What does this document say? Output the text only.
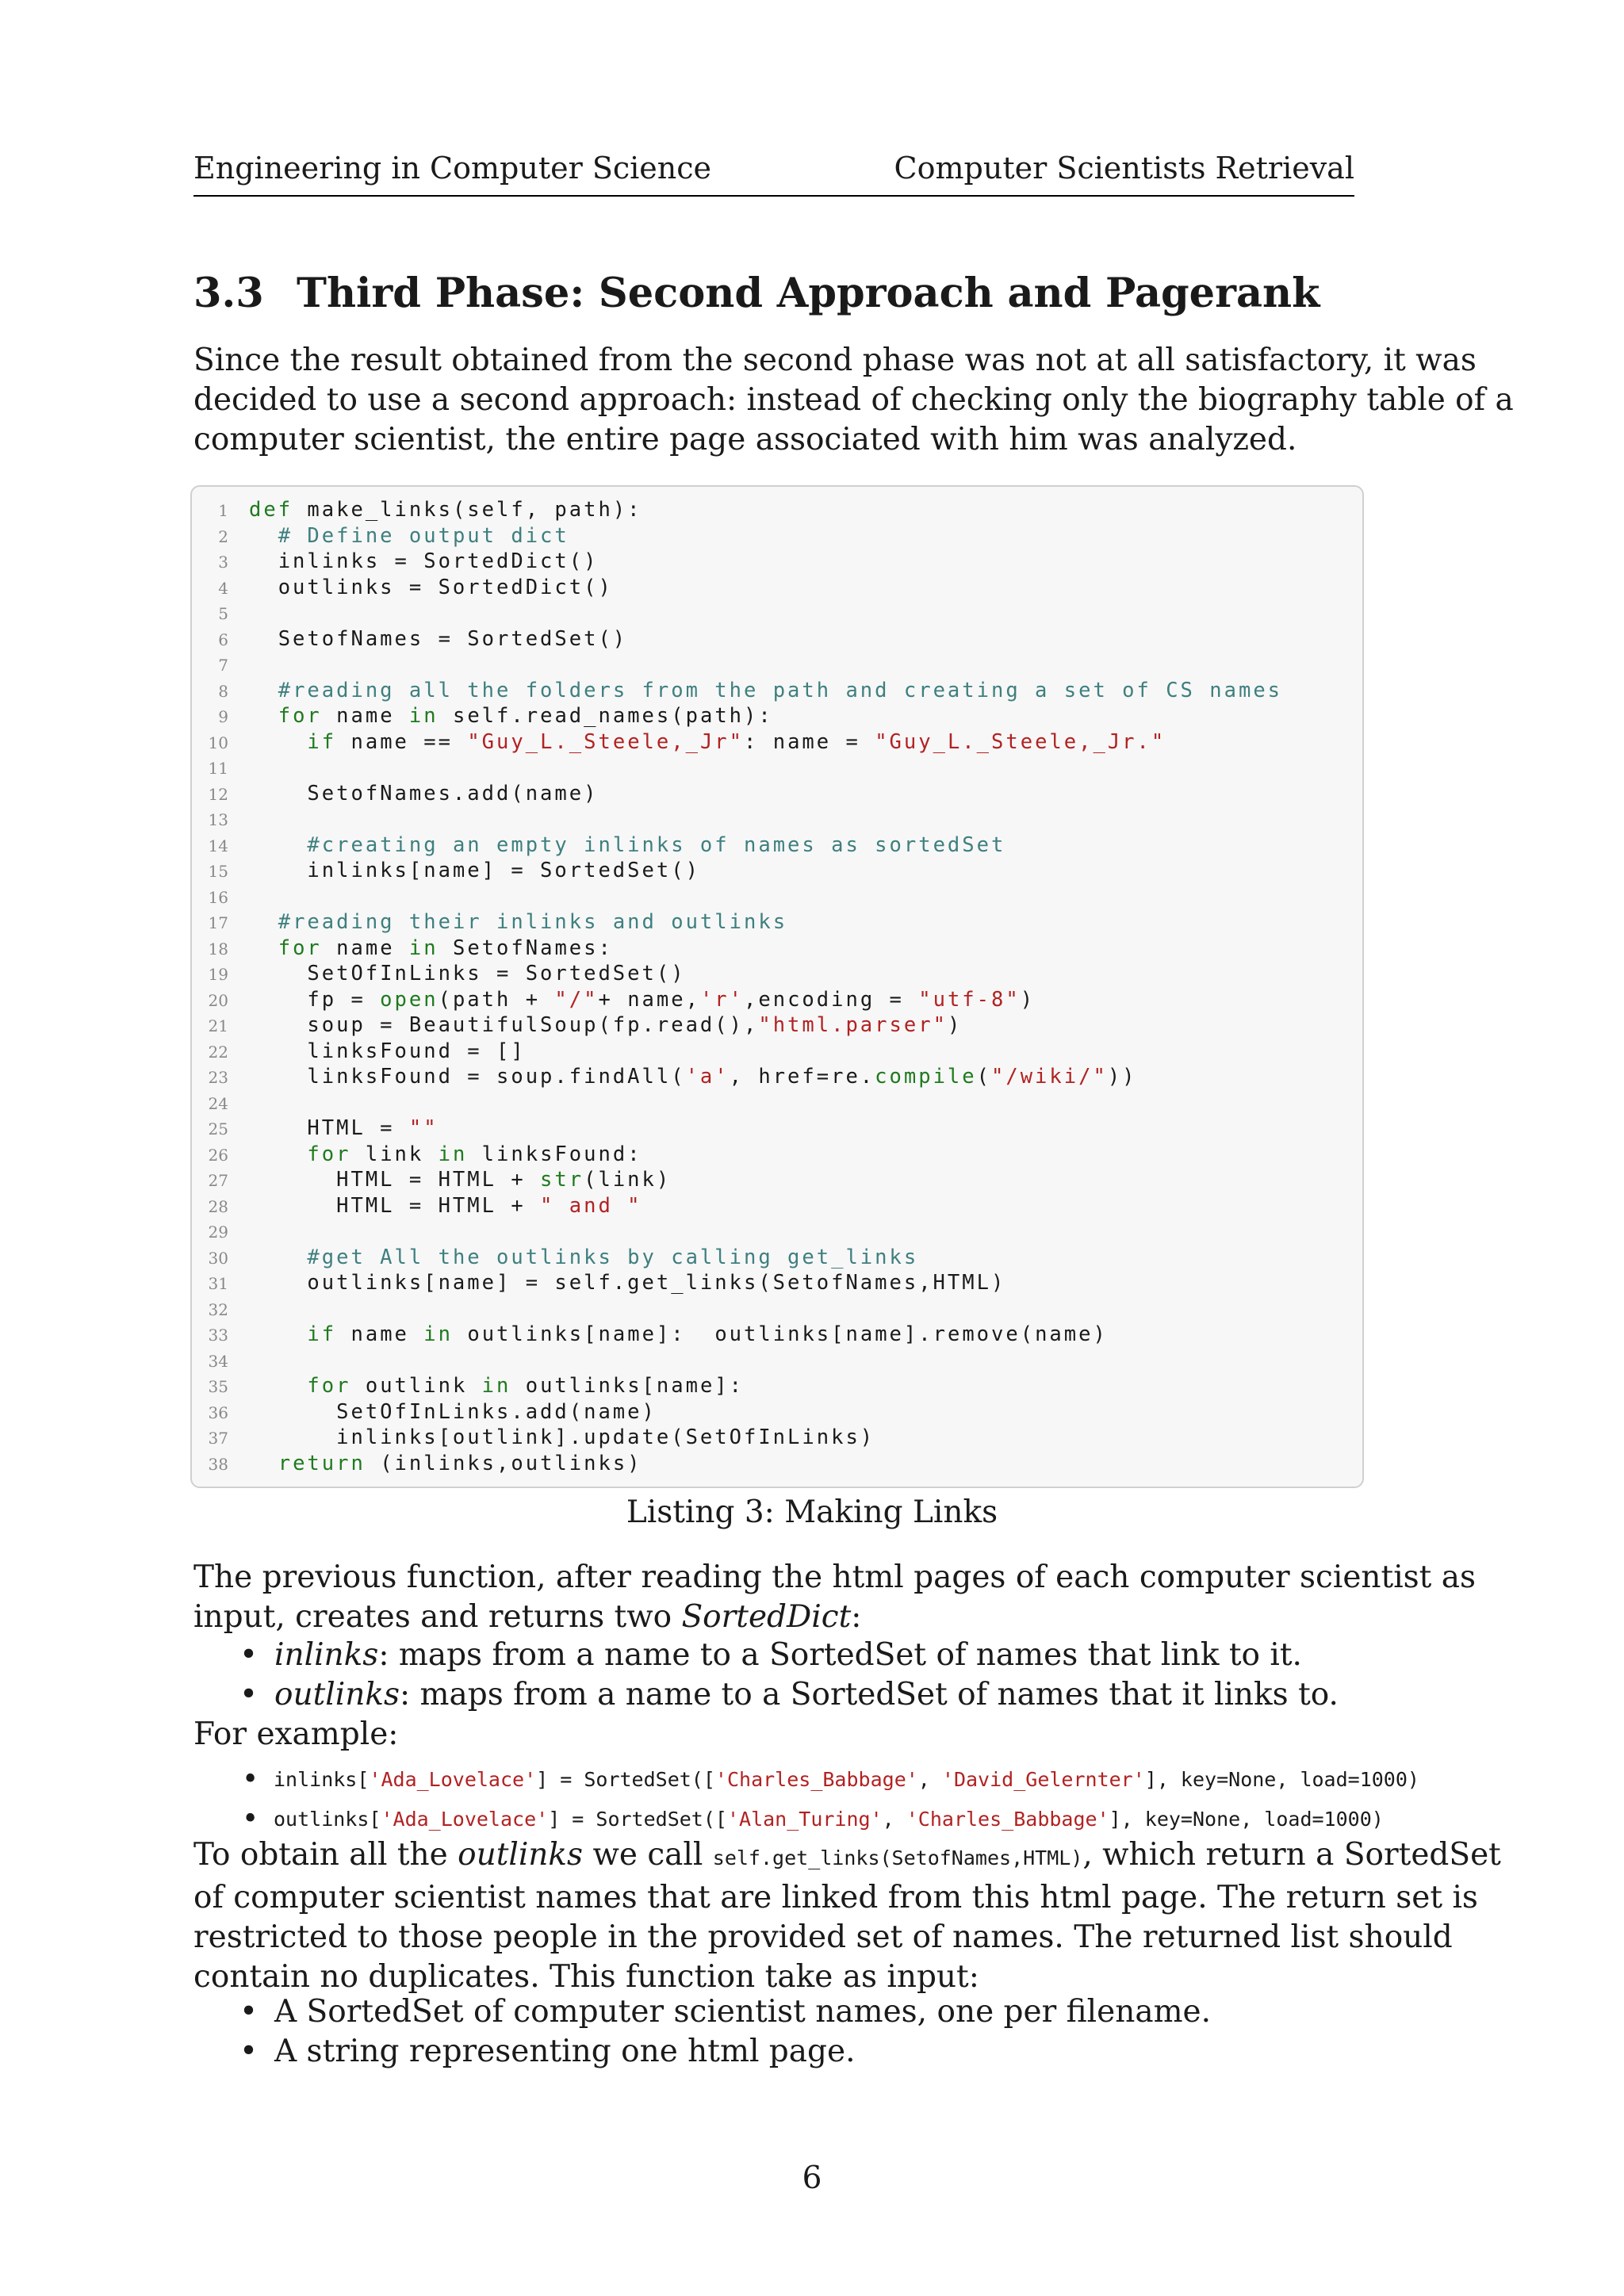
Engineering in Computer Science	Computer Scientists Retrieval
3.3 Third Phase: Second Approach and Pagerank
Since the result obtained from the second phase was not at all satisfactory, it was
decided to use a second approach: instead of checking only the biography table of a
computer scientist, the entire page associated with him was analyzed.
1 def make_links(self, path):
2	# Define output dict
3 inlinks = SortedDict()
4 outlinks = SortedDict()
5
6 SetofNames = SortedSet()
7
8	#reading all the folders from the path and creating a set of CS names
9	for name in self.read_names(path):
10	if name == "Guy_L._Steele,_Jr": name = "Guy_L._Steele,_Jr."
11
12 SetofNames.add(name)
13
14	#creating an empty inlinks of names as sortedSet
15 inlinks[name] = SortedSet()
16
17	#reading their inlinks and outlinks
18	for name in SetofNames:
19 SetOfInLinks = SortedSet()
20 fp = open(path + "/"+ name,'r',encoding = "utf-8")
21 soup = BeautifulSoup(fp.read(),"html.parser")
22 linksFound = []
23 linksFound = soup.findAll('a', href=re.compile("/wiki/"))
24
25 HTML = ""
26	for link in linksFound:
27 HTML = HTML + str(link)
28 HTML = HTML + " and "
29
30	#get All the outlinks by calling get_links
31 outlinks[name] = self.get_links(SetofNames,HTML)
32
33	if name in outlinks[name]:  outlinks[name].remove(name)
34
35	for outlink in outlinks[name]:
36 SetOfInLinks.add(name)
37 inlinks[outlink].update(SetOfInLinks)
38	return (inlinks,outlinks)
Listing 3: Making Links
The previous function, after reading the html pages of each computer scientist as
input, creates and returns two SortedDict:
• inlinks: maps from a name to a SortedSet of names that link to it.
• outlinks: maps from a name to a SortedSet of names that it links to.
For example:
• inlinks['Ada_Lovelace'] = SortedSet(['Charles_Babbage', 'David_Gelernter'], key=None, load=1000)
• outlinks['Ada_Lovelace'] = SortedSet(['Alan_Turing', 'Charles_Babbage'], key=None, load=1000)
To obtain all the outlinks we call self.get_links(SetofNames,HTML), which return a SortedSet
of computer scientist names that are linked from this html page. The return set is
restricted to those people in the provided set of names. The returned list should
contain no duplicates. This function take as input:
• A SortedSet of computer scientist names, one per filename.
• A string representing one html page.
6
